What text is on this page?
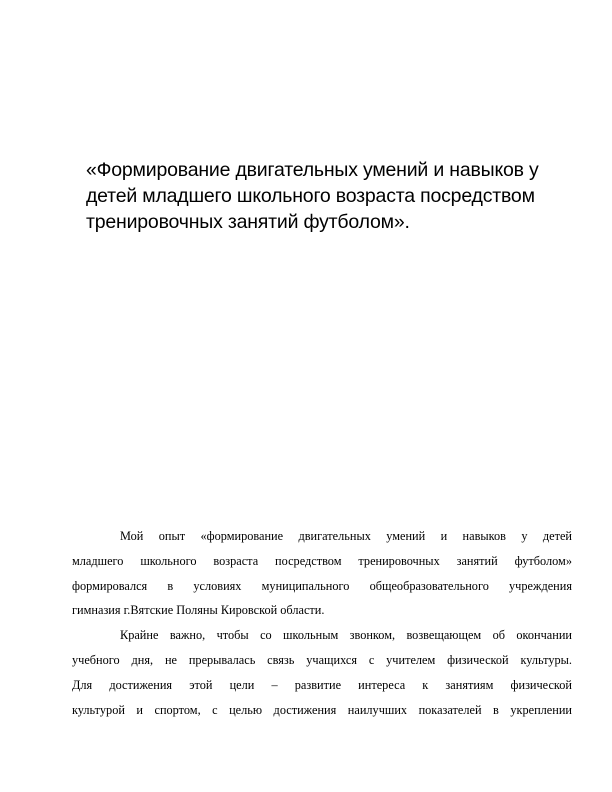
«Формирование двигательных умений и навыков у
детей младшего школьного возраста посредством
тренировочных занятий футболом».
Мой опыт «формирование двигательных умений и навыков у детей
младшего школьного возраста посредством тренировочных занятий футболом»
формировался в условиях муниципального общеобразовательного учреждения
гимназия г.Вятские Поляны Кировской области.
Крайне важно, чтобы со школьным звонком, возвещающем об окончании
учебного дня, не прерывалась связь учащихся с учителем физической культуры.
Для достижения этой цели – развитие интереса к занятиям физической
культурой и спортом, с целью достижения наилучших показателей в укреплении
